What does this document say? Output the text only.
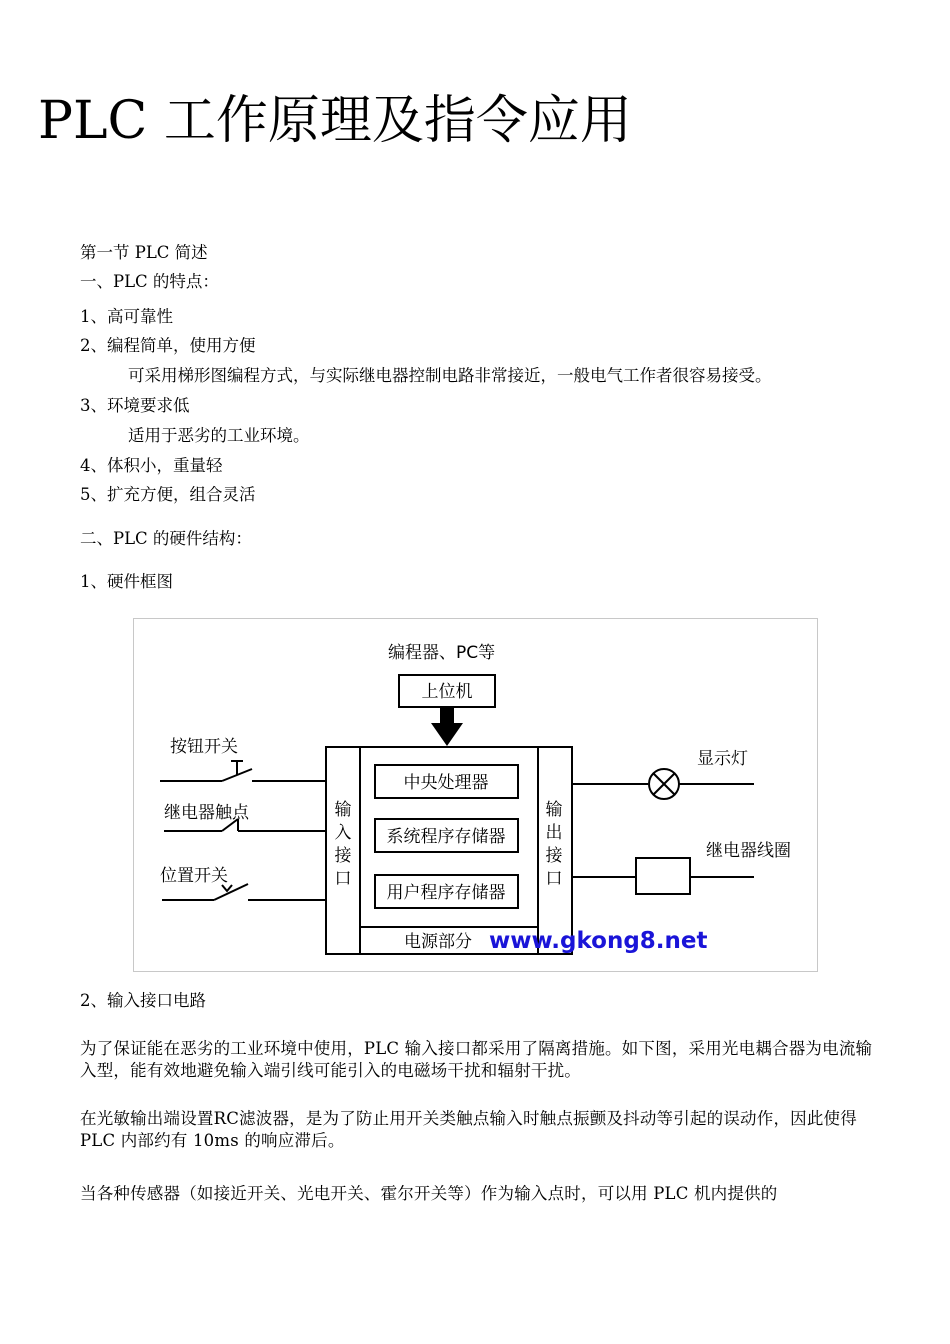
PLC 工作原理及指令应用
第一节 PLC 简述
一、PLC 的特点：
1、高可靠性
2、编程简单，使用方便
可采用梯形图编程方式，与实际继电器控制电路非常接近，一般电气工作者很容易接受。
3、环境要求低
适用于恶劣的工业环境。
4、体积小，重量轻
5、扩充方便，组合灵活
二、PLC 的硬件结构：
1、硬件框图
编程器、PC等
上位机
按钮开关
继电器触点
位置开关
输
入
接
口
中央处理器
系统程序存储器
用户程序存储器
电源部分 www.gkong8.net
输
出
接
口
显示灯
继电器线圈
2、输入接口电路
为了保证能在恶劣的工业环境中使用，PLC 输入接口都采用了隔离措施。如下图，采用光电耦合器为电流输入型，能有效地避免输入端引线可能引入的电磁场干扰和辐射干扰。
在光敏输出端设置RC滤波器，是为了防止用开关类触点输入时触点振颤及抖动等引起的误动作，因此使得 PLC 内部约有 10ms 的响应滞后。
当各种传感器（如接近开关、光电开关、霍尔开关等）作为输入点时，可以用 PLC 机内提供的
